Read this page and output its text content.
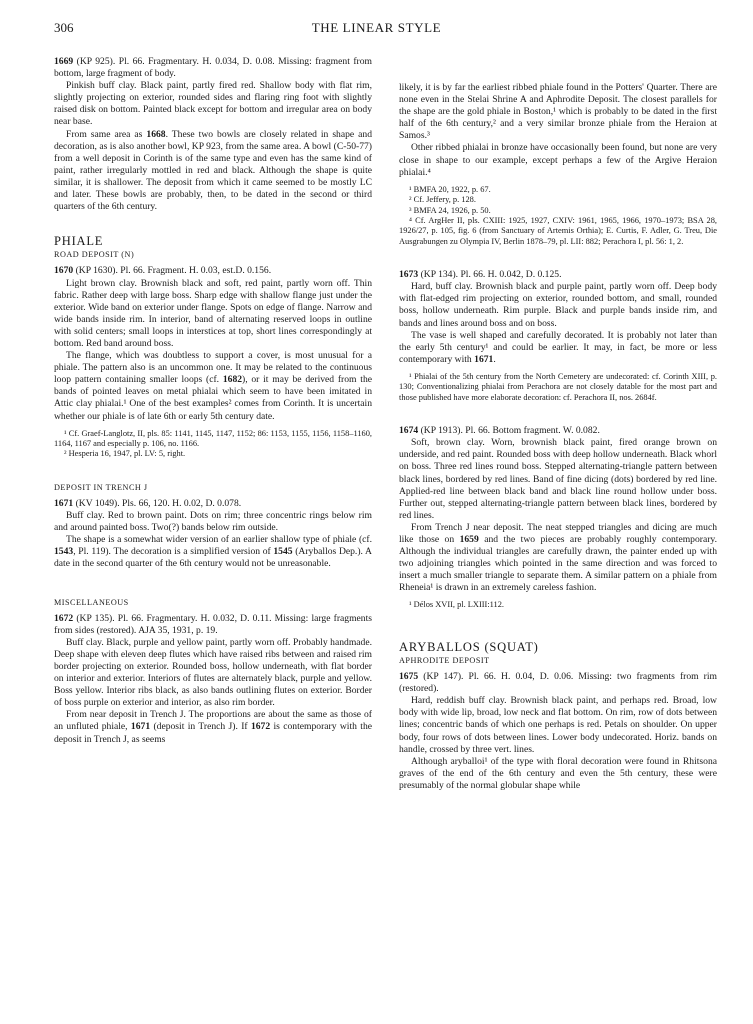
306	THE LINEAR STYLE

1669 (KP 925). Pl. 66. Fragmentary. H. 0.034, D. 0.08. Missing: fragment from bottom, large fragment of body.

Pinkish buff clay. Black paint, partly fired red. Shallow body with flat rim, slightly projecting on exterior, rounded sides and flaring ring foot with slightly raised disk on bottom. Painted black except for bottom and irregular area on body near base.

From same area as 1668. These two bowls are closely related in shape and decoration, as is also another bowl, KP 923, from the same area. A bowl (C-50-77) from a well deposit in Corinth is of the same type and even has the same kind of paint, rather irregularly mottled in red and black. Although the shape is quite similar, it is shallower. The deposit from which it came seemed to be mostly LC and later. These bowls are probably, then, to be dated in the second or third quarters of the 6th century.

PHIALE
ROAD DEPOSIT (N)

1670 (KP 1630). Pl. 66. Fragment. H. 0.03, est.D. 0.156.

Light brown clay. Brownish black and soft, red paint, partly worn off. Thin fabric. Rather deep with large boss. Sharp edge with shallow flange just under the exterior. Wide band on exterior under flange. Spots on edge of flange. Narrow and wide bands inside rim. In interior, band of alternating reserved loops in outline with solid centers; small loops in interstices at top, short lines correspondingly at bottom. Red band around boss.

The flange, which was doubtless to support a cover, is most unusual for a phiale. The pattern also is an uncommon one. It may be related to the continuous loop pattern containing smaller loops (cf. 1682), or it may be derived from the bands of pointed leaves on metal phialai which seem to have been imitated in Attic clay phialai.¹ One of the best examples² comes from Corinth. It is uncertain whether our phiale is of late 6th or early 5th century date.

¹ Cf. Graef-Langlotz, II, pls. 85: 1141, 1145, 1147, 1152; 86: 1153, 1155, 1156, 1158–1160, 1164, 1167 and especially p. 106, no. 1166.
² Hesperia 16, 1947, pl. LV: 5, right.
DEPOSIT IN TRENCH J

1671 (KV 1049). Pls. 66, 120. H. 0.02, D. 0.078.

Buff clay. Red to brown paint. Dots on rim; three concentric rings below rim and around painted boss. Two(?) bands below rim outside.

The shape is a somewhat wider version of an earlier shallow type of phiale (cf. 1543, Pl. 119). The decoration is a simplified version of 1545 (Aryballos Dep.). A date in the second quarter of the 6th century would not be unreasonable.

MISCELLANEOUS

1672 (KP 135). Pl. 66. Fragmentary. H. 0.032, D. 0.11. Missing: large fragments from sides (restored). AJA 35, 1931, p. 19.

Buff clay. Black, purple and yellow paint, partly worn off. Probably handmade. Deep shape with eleven deep flutes which have raised ribs between and raised rim border projecting on exterior. Rounded boss, hollow underneath, with flat border on interior and exterior. Interiors of flutes are alternately black, purple and yellow. Boss yellow. Interior ribs black, as also bands outlining flutes on exterior. Border of boss purple on exterior and interior, as also rim border.

From near deposit in Trench J. The proportions are about the same as those of an unfluted phiale, 1671 (deposit in Trench J). If 1672 is contemporary with the deposit in Trench J, as seems

likely, it is by far the earliest ribbed phiale found in the Potters' Quarter. There are none even in the Stelai Shrine A and Aphrodite Deposit. The closest parallels for the shape are the gold phiale in Boston,¹ which is probably to be dated in the first half of the 6th century,² and a very similar bronze phiale from the Heraion at Samos.³

Other ribbed phialai in bronze have occasionally been found, but none are very close in shape to our example, except perhaps a few of the Argive Heraion phialai.⁴

¹ BMFA 20, 1922, p. 67.
² Cf. Jeffery, p. 128.
³ BMFA 24, 1926, p. 50.
⁴ Cf. ArgHer II, pls. CXIII: 1925, 1927, CXIV: 1961, 1965, 1966, 1970–1973; BSA 28, 1926/27, p. 105, fig. 6 (from Sanctuary of Artemis Orthia); E. Curtis, F. Adler, G. Treu, Die Ausgrabungen zu Olympia IV, Berlin 1878–79, pl. LII: 882; Perachora I, pl. 56: 1, 2.

1673 (KP 134). Pl. 66. H. 0.042, D. 0.125.

Hard, buff clay. Brownish black and purple paint, partly worn off. Deep body with flat-edged rim projecting on exterior, rounded bottom, and small, rounded boss, hollow underneath. Rim purple. Black and purple bands inside rim, and bands and lines around boss and on boss.

The vase is well shaped and carefully decorated. It is probably not later than the early 5th century¹ and could be earlier. It may, in fact, be more or less contemporary with 1671.

¹ Phialai of the 5th century from the North Cemetery are undecorated: cf. Corinth XIII, p. 130; Conventionalizing phialai from Perachora are not closely datable for the most part and those published have more elaborate decoration: cf. Perachora II, nos. 2684f.

1674 (KP 1913). Pl. 66. Bottom fragment. W. 0.082.

Soft, brown clay. Worn, brownish black paint, fired orange brown on underside, and red paint. Rounded boss with deep hollow underneath. Black whorl on boss. Three red lines round boss. Stepped alternating-triangle pattern between black lines, bordered by red lines. Band of fine dicing (dots) bordered by red line. Applied-red line between black band and black line round hollow under boss. Further out, stepped alternating-triangle pattern between black lines, bordered by red lines.

From Trench J near deposit. The neat stepped triangles and dicing are much like those on 1659 and the two pieces are probably roughly contemporary. Although the individual triangles are carefully drawn, the painter ended up with two adjoining triangles which pointed in the same direction and was forced to insert a much smaller triangle to separate them. A similar pattern on a phiale from Rheneia¹ is drawn in an extremely careless fashion.

¹ Délos XVII, pl. LXIII:112.
ARYBALLOS (SQUAT)
APHRODITE DEPOSIT

1675 (KP 147). Pl. 66. H. 0.04, D. 0.06. Missing: two fragments from rim (restored).

Hard, reddish buff clay. Brownish black paint, and perhaps red. Broad, low body with wide lip, broad, low neck and flat bottom. On rim, row of dots between lines; concentric bands of which one perhaps is red. Petals on shoulder. On upper body, four rows of dots between lines. Lower body undecorated. Horiz. bands on handle, crossed by three vert. lines.

Although aryballoi¹ of the type with floral decoration were found in Rhitsona graves of the end of the 6th century and even the 5th century, these were presumably of the normal globular shape while
